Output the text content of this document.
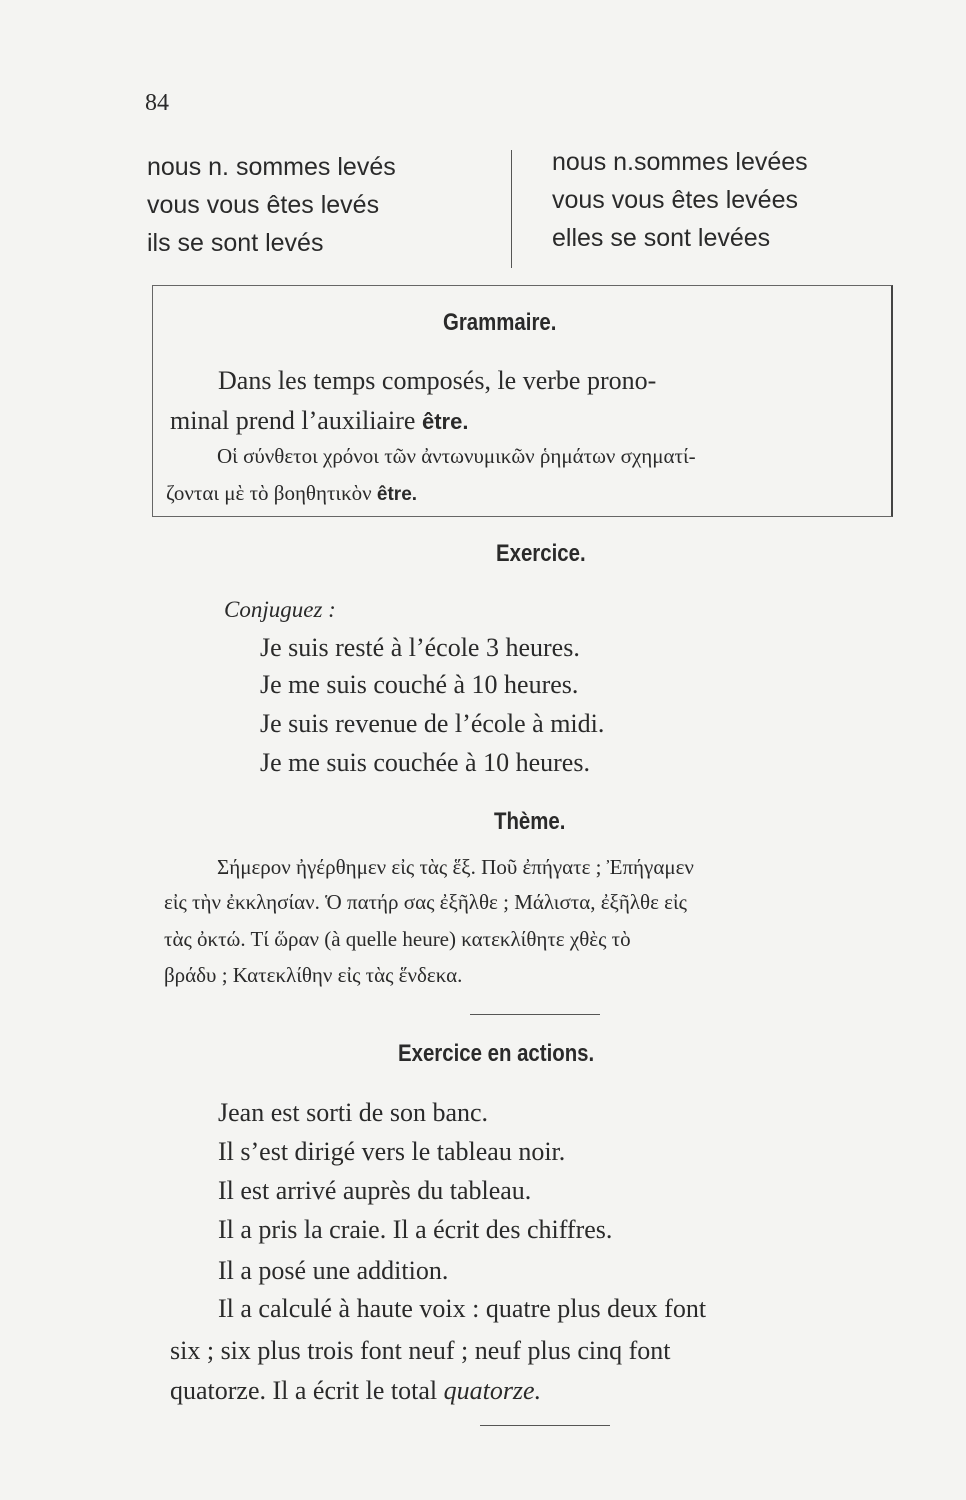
84
nous n. sommes levés
vous vous êtes levés
ils se sont levés
nous n.sommes levées
vous vous êtes levées
elles se sont levées
Grammaire.
Dans les temps composés, le verbe prono-
minal prend l’auxiliaire être.
Οἱ σύνθετοι χρόνοι τῶν ἀντωνυμικῶν ῥημάτων σχηματί-
ζονται μὲ τὸ βοηθητικὸν être.
Exercice.
Conjuguez :
Je suis resté à l’école 3 heures.
Je me suis couché à 10 heures.
Je suis revenue de l’école à midi.
Je me suis couchée à 10 heures.
Thème.
Σήμερον ἠγέρθημεν εἰς τὰς ἕξ. Ποῦ ἐπήγατε ; Ἐπήγαμεν
εἰς τὴν ἐκκλησίαν. Ὁ πατήρ σας ἐξῆλθε ; Μάλιστα, ἐξῆλθε εἰς
τὰς ὀκτώ. Τί ὥραν (à quelle heure) κατεκλίθητε χθὲς τὸ
βράδυ ; Κατεκλίθην εἰς τὰς ἕνδεκα.
Exercice en actions.
Jean est sorti de son banc.
Il s’est dirigé vers le tableau noir.
Il est arrivé auprès du tableau.
Il a pris la craie. Il a écrit des chiffres.
Il a posé une addition.
Il a calculé à haute voix : quatre plus deux font
six ; six plus trois font neuf ; neuf plus cinq font
quatorze. Il a écrit le total quatorze.
